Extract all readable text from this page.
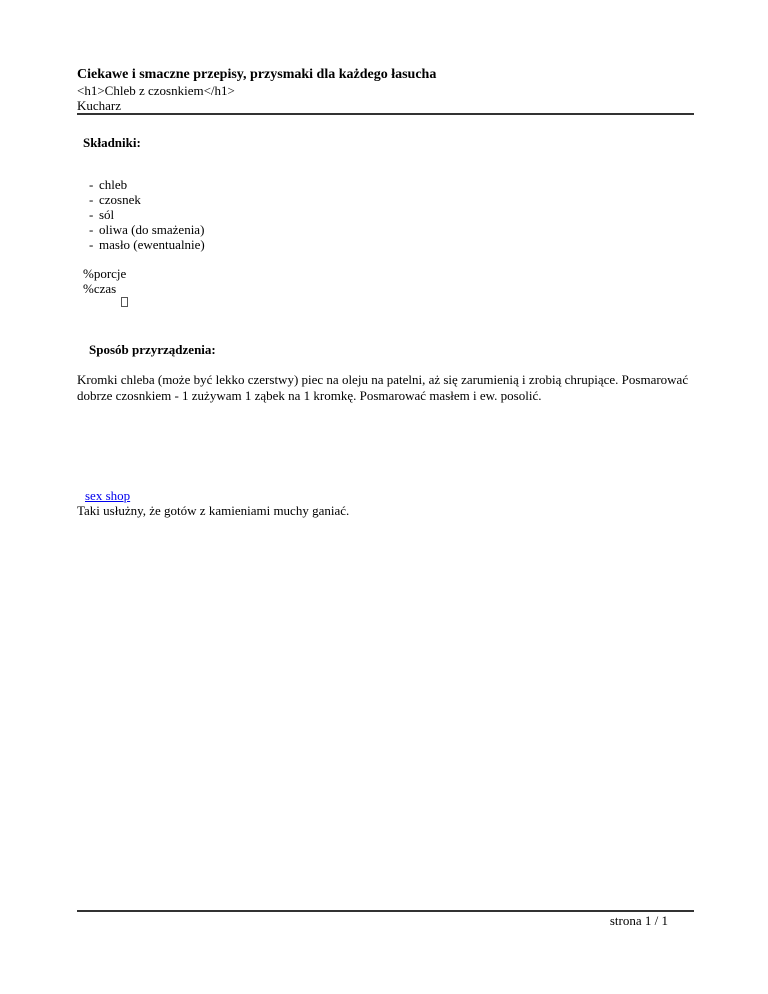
Ciekawe i smaczne przepisy, przysmaki dla każdego łasucha

<h1>Chleb z czosnkiem</h1>

Kucharz

Składniki:
- chleb
- czosnek
- sól
- oliwa (do smażenia)
- masło (ewentualnie)
%porcje
%czas
Sposób przyrządzenia:
Kromki chleba (może być lekko czerstwy) piec na oleju na patelni, aż się zarumienią i zrobią chrupiące. Posmarować dobrze czosnkiem - 1 zużywam 1 ząbek na 1 kromkę. Posmarować masłem i ew. posolić.
sex shop
Taki usłużny, że gotów z kamieniami muchy ganiać.
strona 1 / 1
